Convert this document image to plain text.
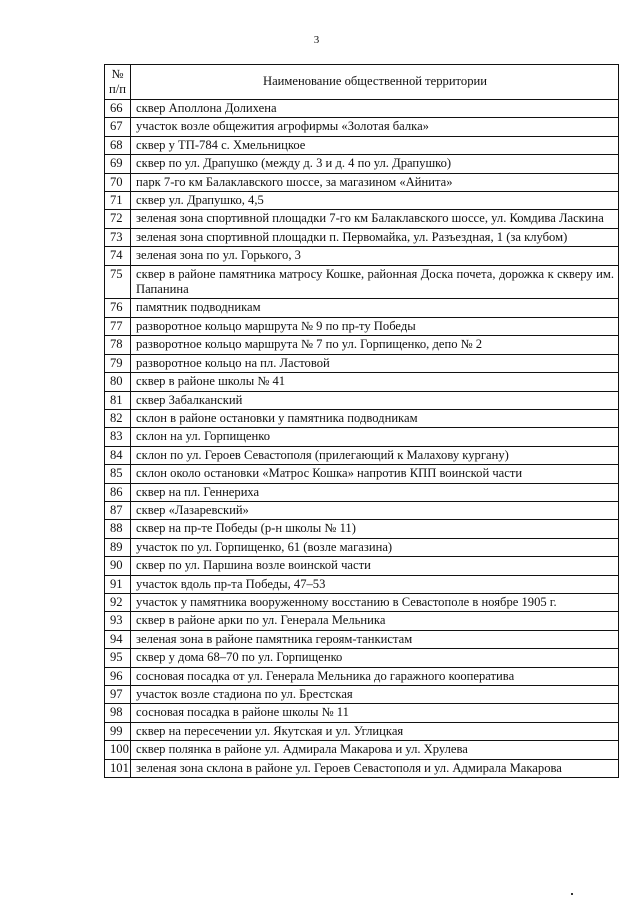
3
№
п/п	Наименование общественной территории
66	сквер Аполлона Долихена
67	участок возле общежития агрофирмы «Золотая балка»
68	сквер у ТП-784 с. Хмельницкое
69	сквер по ул. Драпушко (между д. 3 и д. 4 по ул. Драпушко)
70	парк 7-го км Балаклавского шоссе, за магазином «Айнита»
71	сквер ул. Драпушко, 4,5
72	зеленая зона спортивной площадки 7-го км Балаклавского шоссе, ул. Комдива Ласкина
73	зеленая зона спортивной площадки п. Первомайка, ул. Разъездная, 1 (за клубом)
74	зеленая зона по ул. Горького, 3
75	сквер в районе памятника матросу Кошке, районная Доска почета, дорожка к скверу им. Папанина
76	памятник подводникам
77	разворотное кольцо маршрута № 9 по пр-ту Победы
78	разворотное кольцо маршрута № 7 по ул. Горпищенко, депо № 2
79	разворотное кольцо на пл. Ластовой
80	сквер в районе школы № 41
81	сквер Забалканский
82	склон в районе остановки у памятника подводникам
83	склон на ул. Горпищенко
84	склон по ул. Героев Севастополя (прилегающий к Малахову кургану)
85	склон около остановки «Матрос Кошка» напротив КПП воинской части
86	сквер на пл. Геннериха
87	сквер «Лазаревский»
88	сквер на пр-те Победы (р-н школы № 11)
89	участок по ул. Горпищенко, 61 (возле магазина)
90	сквер по ул. Паршина возле воинской части
91	участок вдоль пр-та Победы, 47–53
92	участок у памятника вооруженному восстанию в Севастополе в ноябре 1905 г.
93	сквер в районе арки по ул. Генерала Мельника
94	зеленая зона в районе памятника героям-танкистам
95	сквер у дома 68–70 по ул. Горпищенко
96	сосновая посадка от ул. Генерала Мельника до гаражного кооператива
97	участок возле стадиона по ул. Брестская
98	сосновая посадка в районе школы № 11
99	сквер на пересечении ул. Якутская и ул. Углицкая
100	сквер полянка в районе ул. Адмирала Макарова и ул. Хрулева
101	зеленая зона склона в районе ул. Героев Севастополя и ул. Адмирала Макарова
